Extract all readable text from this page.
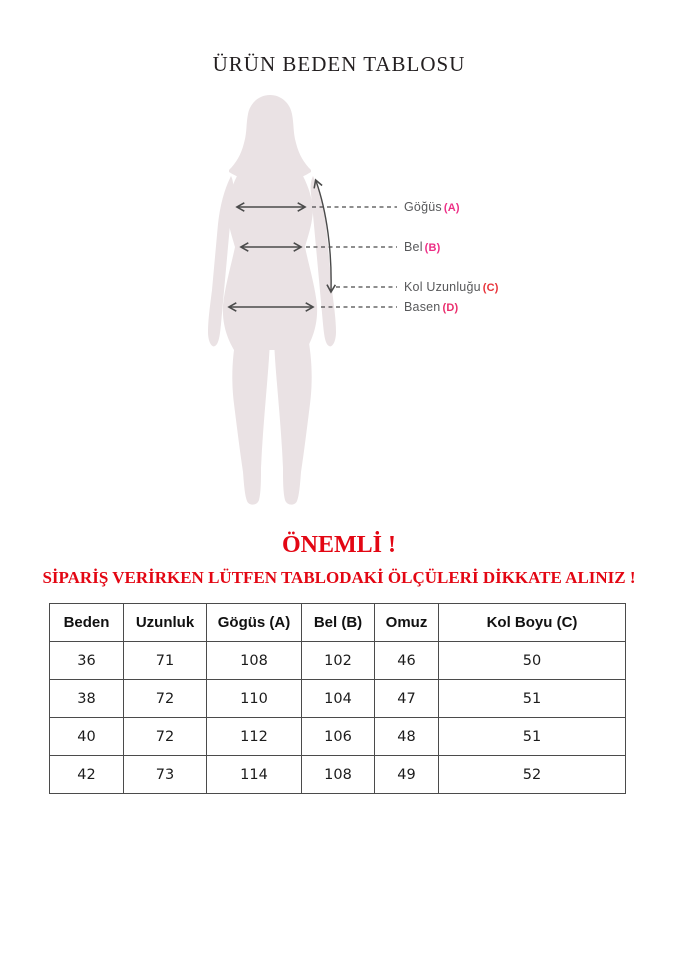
ÜRÜN BEDEN TABLOSU
Göğüs (A)
Bel (B)
Kol Uzunluğu (C)
Basen (D)
ÖNEMLİ !
SİPARİŞ VERİRKEN LÜTFEN TABLODAKİ ÖLÇÜLERİ DİKKATE ALINIZ !
Beden	Uzunluk	Gögüs (A)	Bel (B)	Omuz	Kol Boyu (C)
36	71	108	102	46	50
38	72	110	104	47	51
40	72	112	106	48	51
42	73	114	108	49	52
